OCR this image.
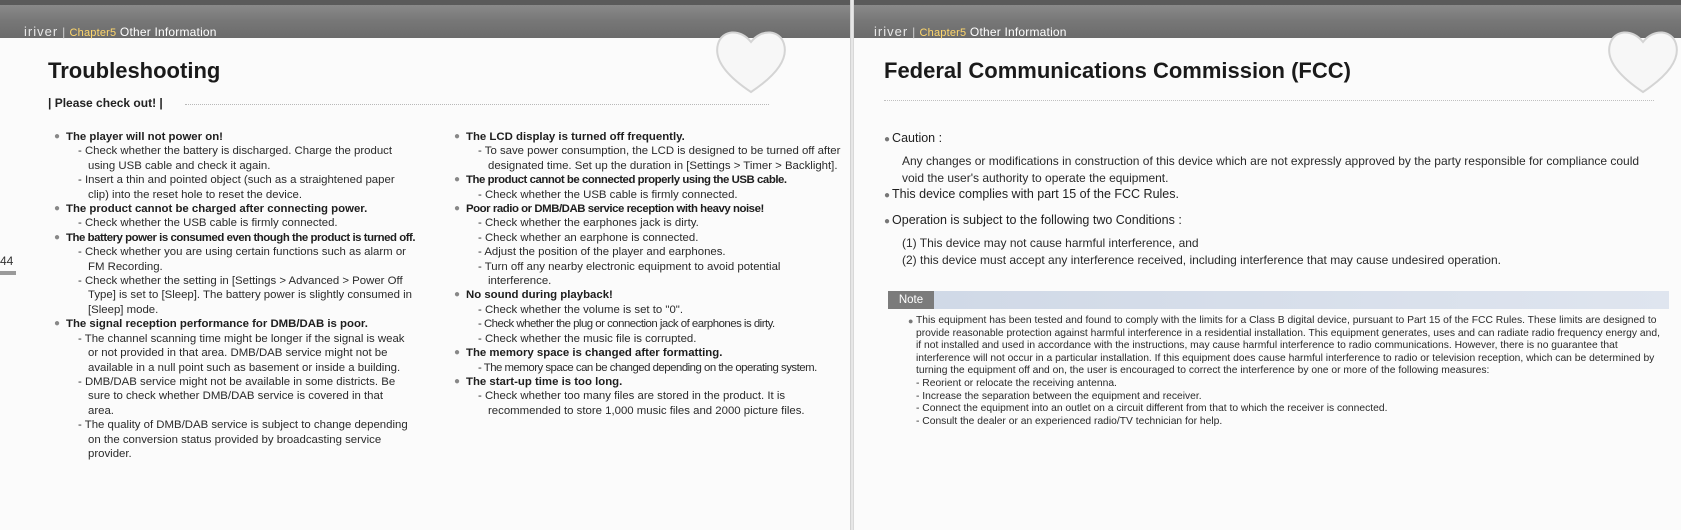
iriver | Chapter5 Other Information
Troubleshooting
| Please check out! |
44
● The player will not power on!
- Check whether the battery is discharged. Charge the product using USB cable and check it again.
- Insert a thin and pointed object (such as a straightened paper clip) into the reset hole to reset the device.
● The product cannot be charged after connecting power.
- Check whether the USB cable is firmly connected.
● The battery power is consumed even though the product is turned off.
- Check whether you are using certain functions such as alarm or FM Recording.
- Check whether the setting in [Settings > Advanced > Power Off Type] is set to [Sleep]. The battery power is slightly consumed in [Sleep] mode.
● The signal reception performance for DMB/DAB is poor.
- The channel scanning time might be longer if the signal is weak or not provided in that area. DMB/DAB service might not be available in a null point such as basement or inside a building.
- DMB/DAB service might not be available in some districts. Be sure to check whether DMB/DAB service is covered in that area.
- The quality of DMB/DAB service is subject to change depending on the conversion status provided by broadcasting service provider.
● The LCD display is turned off frequently.
- To save power consumption, the LCD is designed to be turned off after designated time. Set up the duration in [Settings > Timer > Backlight].
● The product cannot be connected properly using the USB cable.
- Check whether the USB cable is firmly connected.
● Poor radio or DMB/DAB service reception with heavy noise!
- Check whether the earphones jack is dirty.
- Check whether an earphone is connected.
- Adjust the position of the player and earphones.
- Turn off any nearby electronic equipment to avoid potential interference.
● No sound during playback!
- Check whether the volume is set to "0".
- Check whether the plug or connection jack of earphones is dirty.
- Check whether the music file is corrupted.
● The memory space is changed after formatting.
- The memory space can be changed depending on the operating system.
● The start-up time is too long.
- Check whether too many files are stored in the product. It is recommended to store 1,000 music files and 2000 picture files.
iriver | Chapter5 Other Information
Federal Communications Commission (FCC)
● Caution :
Any changes or modifications in construction of this device which are not expressly approved by the party responsible for compliance could void the user's authority to operate the equipment.
● This device complies with part 15 of the FCC Rules.
● Operation is subject to the following two Conditions :
(1) This device may not cause harmful interference, and
(2) this device must accept any interference received, including interference that may cause undesired operation.
Note
● This equipment has been tested and found to comply with the limits for a Class B digital device, pursuant to Part 15 of the FCC Rules. These limits are designed to provide reasonable protection against harmful interference in a residential installation. This equipment generates, uses and can radiate radio frequency energy and, if not installed and used in accordance with the instructions, may cause harmful interference to radio communications. However, there is no guarantee that interference will not occur in a particular installation. If this equipment does cause harmful interference to radio or television reception, which can be determined by turning the equipment off and on, the user is encouraged to correct the interference by one or more of the following measures:
- Reorient or relocate the receiving antenna.
- Increase the separation between the equipment and receiver.
- Connect the equipment into an outlet on a circuit different from that to which the receiver is connected.
- Consult the dealer or an experienced radio/TV technician for help.
